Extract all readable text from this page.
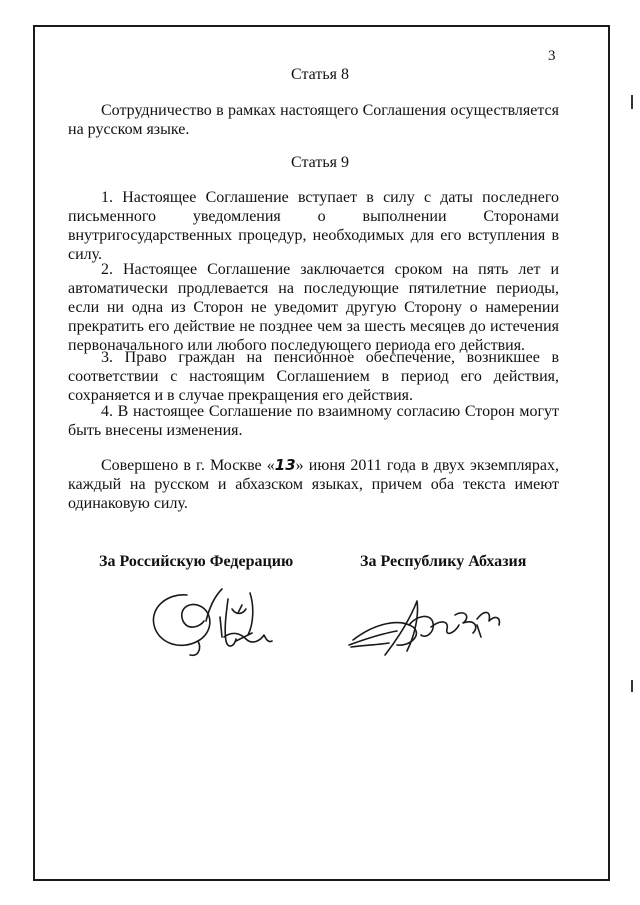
3
Статья 8
Сотрудничество в рамках настоящего Соглашения осуществляется на русском языке.
Статья 9
1. Настоящее Соглашение вступает в силу с даты последнего письменного уведомления о выполнении Сторонами внутригосударственных процедур, необходимых для его вступления в силу.
2. Настоящее Соглашение заключается сроком на пять лет и автоматически продлевается на последующие пятилетние периоды, если ни одна из Сторон не уведомит другую Сторону о намерении прекратить его действие не позднее чем за шесть месяцев до истечения первоначального или любого последующего периода его действия.
3. Право граждан на пенсионное обеспечение, возникшее в соответствии с настоящим Соглашением в период его действия, сохраняется и в случае прекращения его действия.
4. В настоящее Соглашение по взаимному согласию Сторон могут быть внесены изменения.
Совершено в г. Москве «13» июня 2011 года в двух экземплярах, каждый на русском и абхазском языках, причем оба текста имеют одинаковую силу.
За Российскую Федерацию	За Республику Абхазия
